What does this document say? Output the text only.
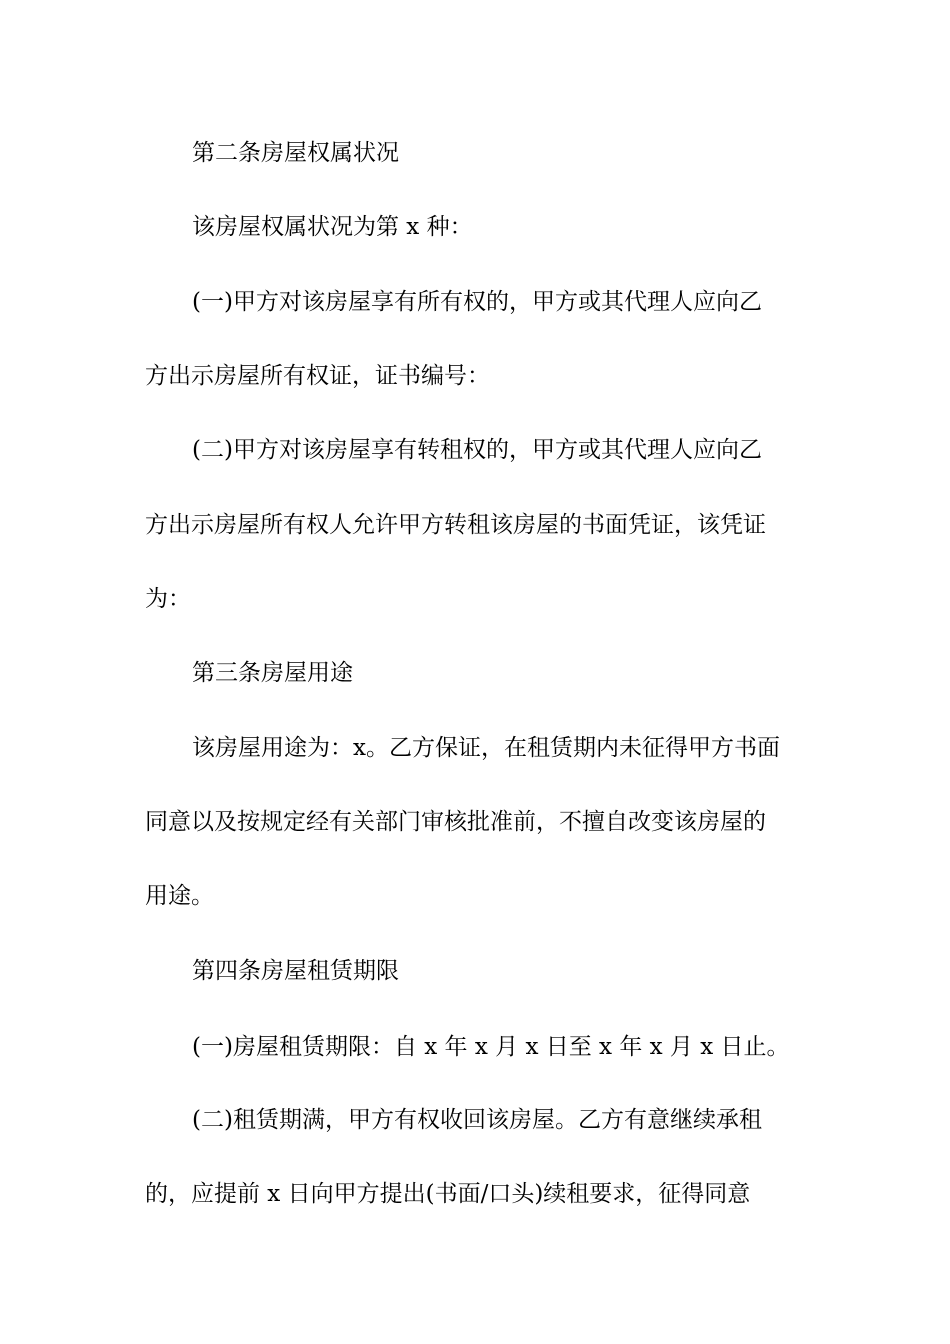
第二条房屋权属状况
该房屋权属状况为第 x 种：
(一)甲方对该房屋享有所有权的，甲方或其代理人应向乙
方出示房屋所有权证，证书编号：
(二)甲方对该房屋享有转租权的，甲方或其代理人应向乙
方出示房屋所有权人允许甲方转租该房屋的书面凭证，该凭证
为：
第三条房屋用途
该房屋用途为：x。乙方保证，在租赁期内未征得甲方书面
同意以及按规定经有关部门审核批准前，不擅自改变该房屋的
用途。
第四条房屋租赁期限
(一)房屋租赁期限：自 x 年 x 月 x 日至 x 年 x 月 x 日止。
(二)租赁期满，甲方有权收回该房屋。乙方有意继续承租
的，应提前 x 日向甲方提出(书面/口头)续租要求，征得同意
